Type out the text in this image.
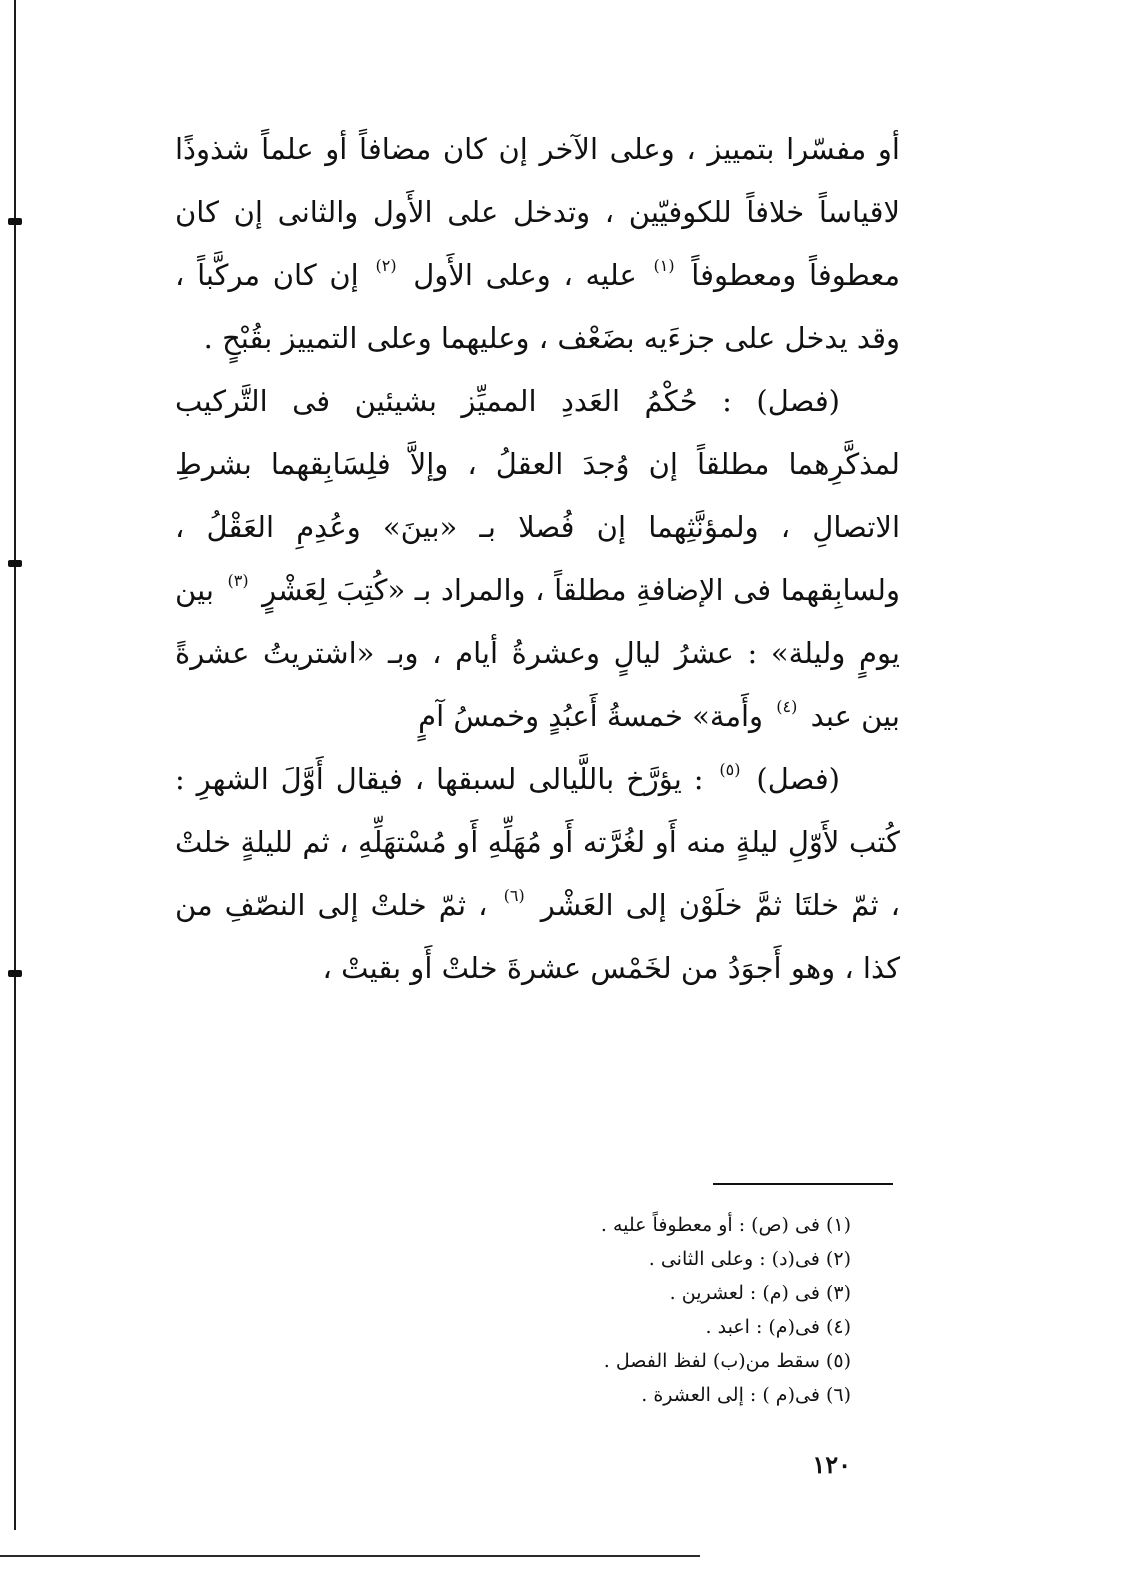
أو مفسّرا بتمييز ، وعلى الآخر إن كان مضافاً أو علماً شذوذًا لاقياساً خلافاً للكوفيّين ، وتدخل على الأَول والثانى إن كان معطوفاً ومعطوفاً $^{(١)}$ عليه ، وعلى الأَول $^{(٢)}$ إن كان مركَّباً ، وقد يدخل على جزءَيه بضَعْف ، وعليهما وعلى التمييز بقُبْحٍ .

(فصل) : حُكْمُ العَددِ المميِّز بشيئين فى التَّركيب لمذكَّرِهما مطلقاً إن وُجدَ العقلُ ، وإلاَّ فلِسَابِقهما بشرطِ الاتصالِ ، ولمؤنَّثِهما إن فُصلا بـ «بينَ» وعُدِمِ العَقْلُ ، ولسابِقهما فى الإضافةِ مطلقاً ، والمراد بـ «كُتِبَ لِعَشْرٍ $^{(٣)}$ بين يومٍ وليلة» : عشرُ ليالٍ وعشرةُ أيام ، وبـ «اشتريتُ عشرةً بين عبد $^{(٤)}$ وأَمة» خمسةُ أَعبُدٍ وخمسُ آمٍ

(فصل) $^{(٥)}$ : يؤرَّخ باللَّيالى لسبقها ، فيقال أَوَّلَ الشهرِ : كُتب لأَوّلِ ليلةٍ منه أَو لغُرَّته أَو مُهَلِّهِ أَو مُسْتهَلِّهِ ، ثم لليلةٍ خلتْ ، ثمّ خلتَا ثمَّ خلَوْن إلى العَشْر $^{(٦)}$ ، ثمّ خلتْ إلى النصّفِ من كذا ، وهو أَجوَدُ من لخَمْس عشرةَ خلتْ أَو بقيتْ ،

(١) فى (ص) : أو معطوفاً عليه .

(٢) فى(د) : وعلى الثانى .

(٣) فى (م) : لعشرين .

(٤) فى(م) : اعبد .

(٥) سقط من(ب) لفظ الفصل .

(٦) فى(م ) : إلى العشرة .

١٢٠
